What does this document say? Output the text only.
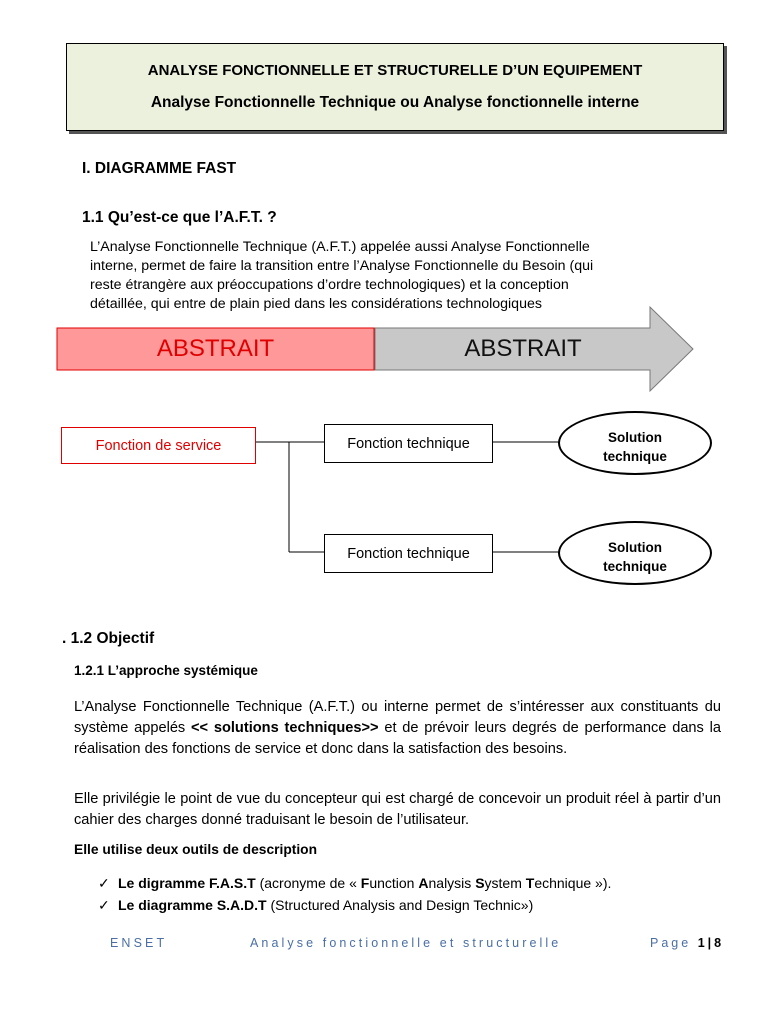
ANALYSE FONCTIONNELLE ET STRUCTURELLE D’UN EQUIPEMENT
Analyse Fonctionnelle Technique ou Analyse fonctionnelle interne
I. DIAGRAMME FAST
1.1 Qu’est-ce que l’A.F.T. ?
L’Analyse Fonctionnelle Technique (A.F.T.) appelée aussi Analyse Fonctionnelle
interne, permet de faire la transition entre l’Analyse Fonctionnelle du Besoin (qui
reste étrangère aux préoccupations d’ordre technologiques) et la conception
détaillée, qui entre de plain pied dans les considérations technologiques
ABSTRAIT	ABSTRAIT
Fonction de service	Fonction technique
Fonction technique
Solution
technique
Solution
technique
. 1.2 Objectif
1.2.1 L’approche systémique
L’Analyse Fonctionnelle Technique (A.F.T.) ou interne permet de s’intéresser aux constituants du système appelés << solutions techniques>> et de prévoir leurs degrés de performance dans la réalisation des fonctions de service et donc dans la satisfaction des besoins.
Elle privilégie le point de vue du concepteur qui est chargé de concevoir un produit réel à partir d’un cahier des charges donné traduisant le besoin de l’utilisateur.
Elle utilise deux outils de description
✓ Le digramme F.A.S.T (acronyme de « Function Analysis System Technique »).
✓ Le diagramme S.A.D.T (Structured Analysis and Design Technic»)
ENSET	Analyse fonctionnelle et structurelle	Page 1|8
